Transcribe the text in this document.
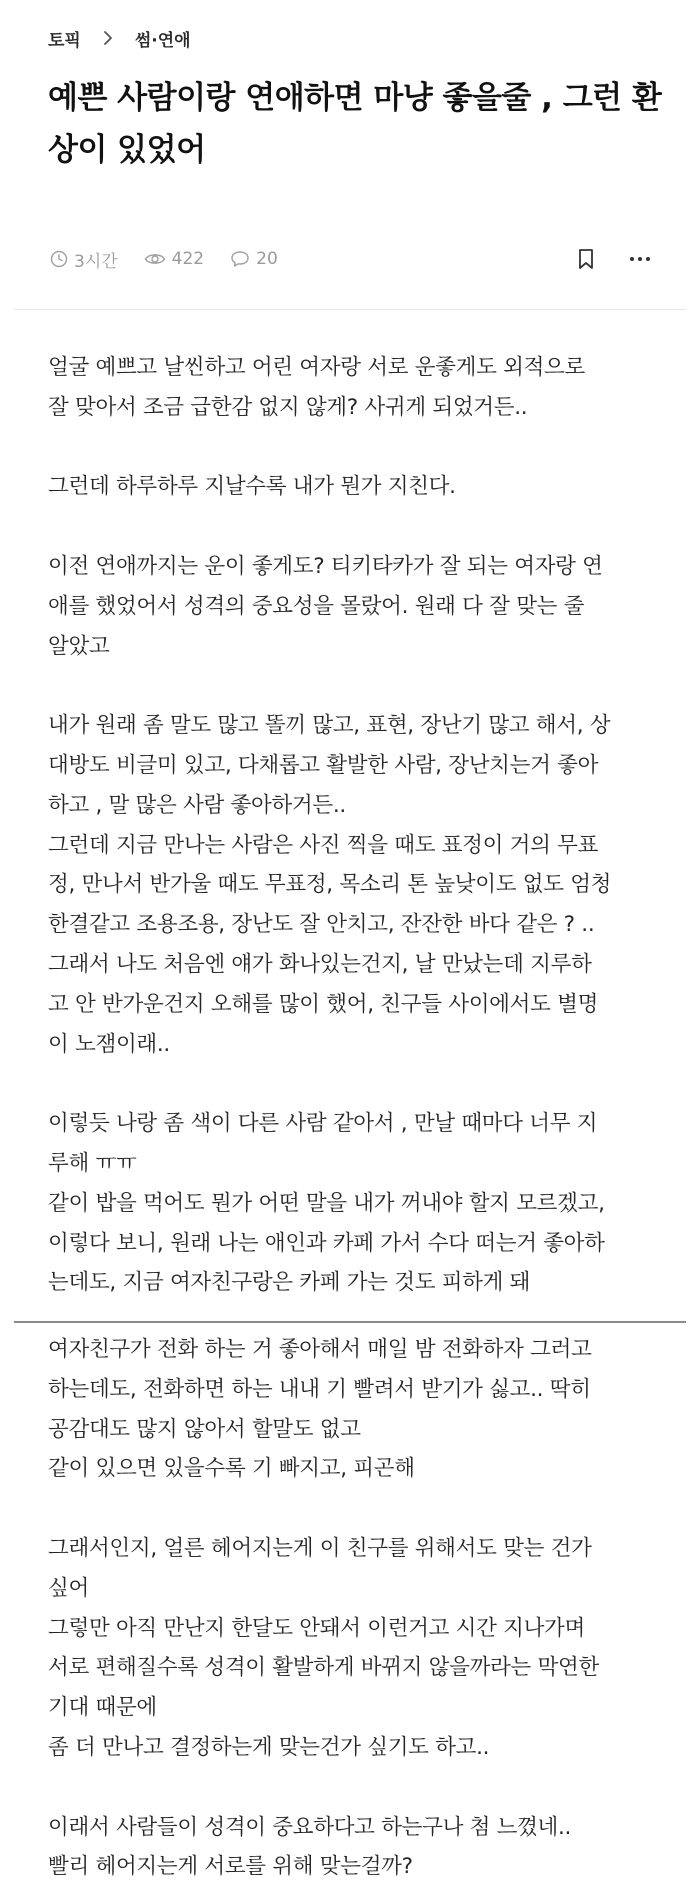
토픽	썸·연애
예쁜 사람이랑 연애하면 마냥 좋을줄 , 그런 환
상이 있었어
3시간	422	20

얼굴 예쁘고 날씬하고 어린 여자랑 서로 운좋게도 외적으로

잘 맞아서 조금 급한감 없지 않게? 사귀게 되었거든..

그런데 하루하루 지날수록 내가 뭔가 지친다.

이전 연애까지는 운이 좋게도? 티키타카가 잘 되는 여자랑 연

애를 했었어서 성격의 중요성을 몰랐어. 원래 다 잘 맞는 줄

알았고

내가 원래 좀 말도 많고 똘끼 많고, 표현, 장난기 많고 해서, 상

대방도 비글미 있고, 다채롭고 활발한 사람, 장난치는거 좋아

하고 , 말 많은 사람 좋아하거든..

그런데 지금 만나는 사람은 사진 찍을 때도 표정이 거의 무표

정, 만나서 반가울 때도 무표정, 목소리 톤 높낮이도 없도 엄청

한결같고 조용조용, 장난도 잘 안치고, 잔잔한 바다 같은 ? ..

그래서 나도 처음엔 얘가 화나있는건지, 날 만났는데 지루하

고 안 반가운건지 오해를 많이 했어, 친구들 사이에서도 별명

이 노잼이래..

이렇듯 나랑 좀 색이 다른 사람 같아서 , 만날 때마다 너무 지

루해 ㅠㅠ

같이 밥을 먹어도 뭔가 어떤 말을 내가 꺼내야 할지 모르겠고,

이렇다 보니, 원래 나는 애인과 카페 가서 수다 떠는거 좋아하

는데도, 지금 여자친구랑은 카페 가는 것도 피하게 돼

여자친구가 전화 하는 거 좋아해서 매일 밤 전화하자 그러고

하는데도, 전화하면 하는 내내 기 빨려서 받기가 싫고.. 딱히

공감대도 많지 않아서 할말도 없고

같이 있으면 있을수록 기 빠지고, 피곤해

그래서인지, 얼른 헤어지는게 이 친구를 위해서도 맞는 건가

싶어

그렇만 아직 만난지 한달도 안돼서 이런거고 시간 지나가며

서로 편해질수록 성격이 활발하게 바뀌지 않을까라는 막연한

기대 때문에

좀 더 만나고 결정하는게 맞는건가 싶기도 하고..

이래서 사람들이 성격이 중요하다고 하는구나 첨 느꼈네..

빨리 헤어지는게 서로를 위해 맞는걸까?
